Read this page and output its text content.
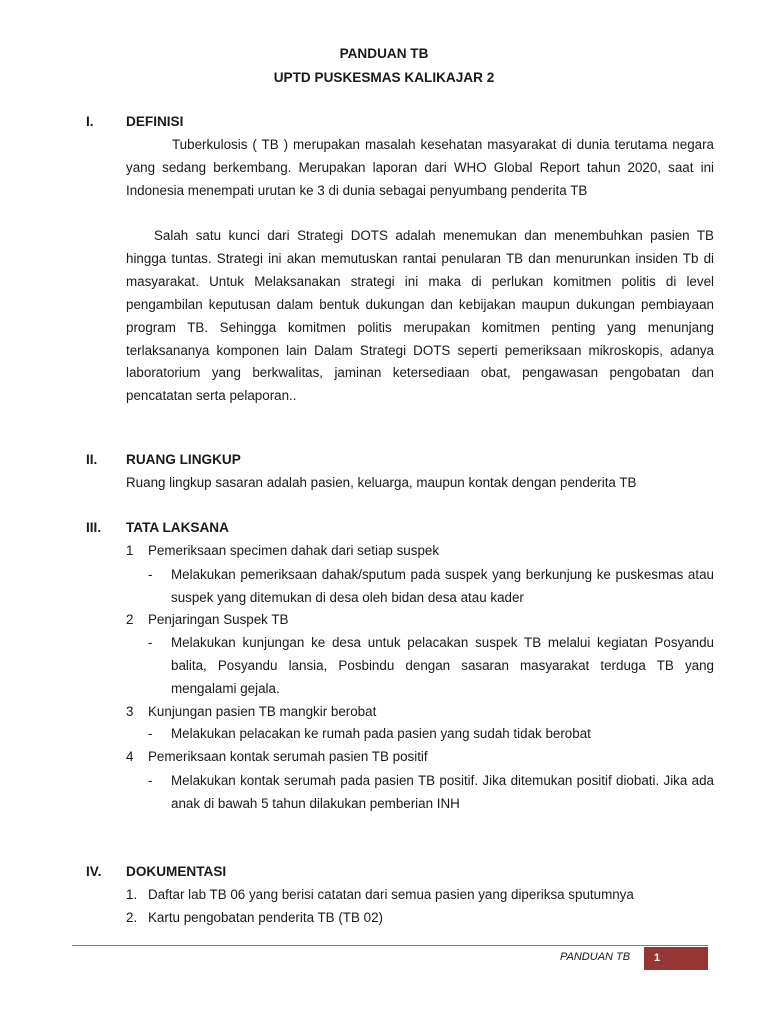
PANDUAN TB
UPTD PUSKESMAS KALIKAJAR 2
I. DEFINISI

Tuberkulosis ( TB ) merupakan masalah kesehatan masyarakat di dunia terutama negara yang sedang berkembang. Merupakan laporan dari WHO Global Report tahun 2020, saat ini Indonesia menempati urutan ke 3 di dunia sebagai penyumbang penderita TB

Salah satu kunci dari Strategi DOTS adalah menemukan dan menembuhkan pasien TB hingga tuntas. Strategi ini akan memutuskan rantai penularan TB dan menurunkan insiden Tb di masyarakat. Untuk Melaksanakan strategi ini maka di perlukan komitmen politis di level pengambilan keputusan dalam bentuk dukungan dan kebijakan maupun dukungan pembiayaan program TB. Sehingga komitmen politis merupakan komitmen penting yang menunjang terlaksananya komponen lain Dalam Strategi DOTS seperti pemeriksaan mikroskopis, adanya laboratorium yang berkwalitas, jaminan ketersediaan obat, pengawasan pengobatan dan pencatatan serta pelaporan..

II. RUANG LINGKUP
Ruang lingkup sasaran adalah pasien, keluarga, maupun kontak dengan penderita TB
III. TATA LAKSANA
1 Pemeriksaan specimen dahak dari setiap suspek
- Melakukan pemeriksaan dahak/sputum pada suspek yang berkunjung ke puskesmas atau suspek yang ditemukan di desa oleh bidan desa atau kader

2 Penjaringan Suspek TB
- Melakukan kunjungan ke desa untuk pelacakan suspek TB melalui kegiatan Posyandu balita, Posyandu lansia, Posbindu dengan sasaran masyarakat terduga TB yang mengalami gejala.

3 Kunjungan pasien TB mangkir berobat
- Melakukan pelacakan ke rumah pada pasien yang sudah tidak berobat

4 Pemeriksaan kontak serumah pasien TB positif
- Melakukan kontak serumah pada pasien TB positif. Jika ditemukan positif diobati. Jika ada anak di bawah 5 tahun dilakukan pemberian INH

IV. DOKUMENTASI
1. Daftar lab TB 06 yang berisi catatan dari semua pasien yang diperiksa sputumnya
2. Kartu pengobatan penderita TB (TB 02)
PANDUAN TB	1
